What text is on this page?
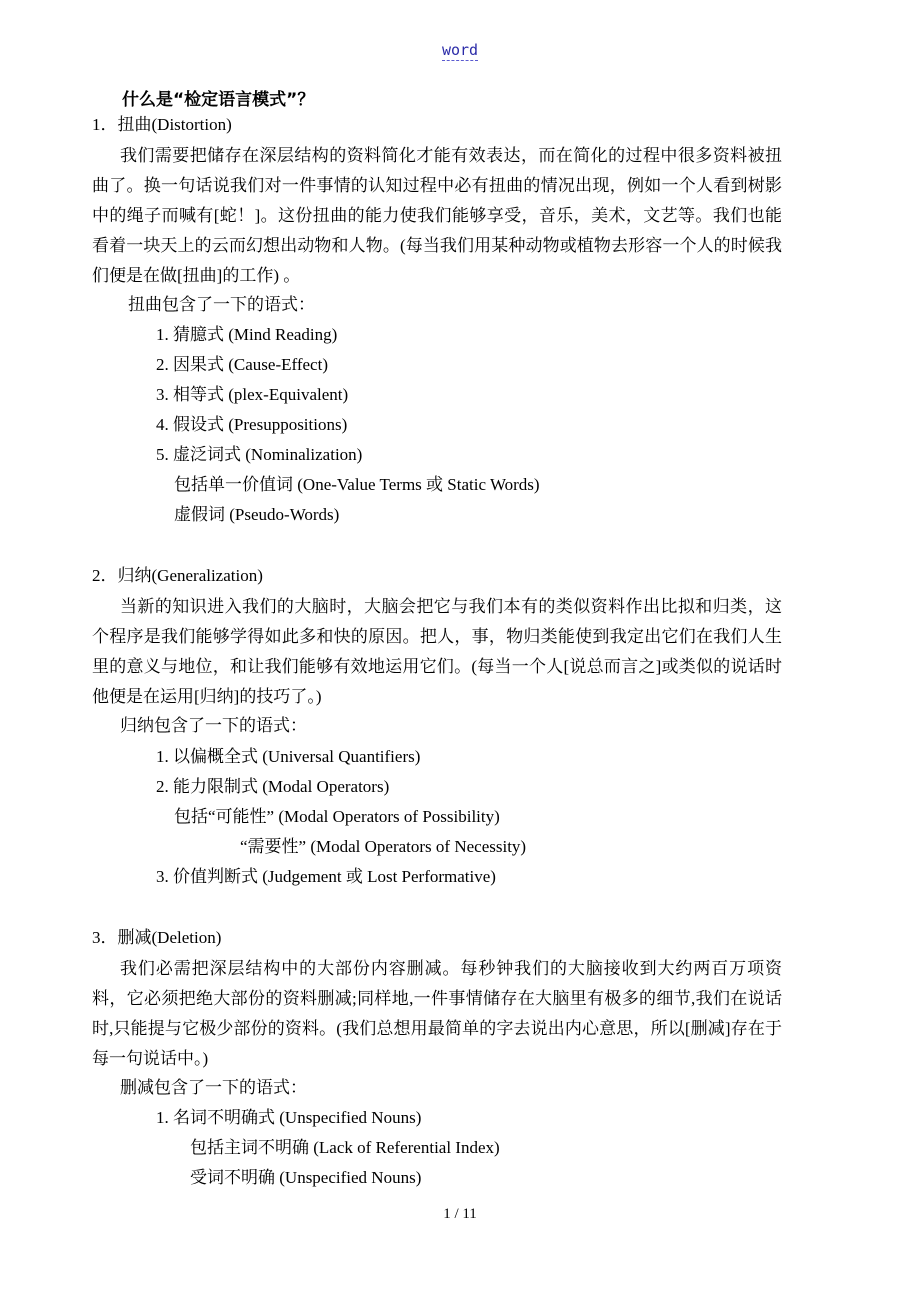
word
什么是“检定语言模式”？
1．扭曲(Distortion)
我们需要把储存在深层结构的资料简化才能有效表达，而在简化的过程中很多资料被扭曲了。换一句话说我们对一件事情的认知过程中必有扭曲的情况出现，例如一个人看到树影中的绳子而喊有[蛇！]。这份扭曲的能力使我们能够享受，音乐，美术，文艺等。我们也能看着一块天上的云而幻想出动物和人物。(每当我们用某种动物或植物去形容一个人的时候我们便是在做[扭曲]的工作) 。
扭曲包含了一下的语式：
1. 猜臆式 (Mind Reading)
2. 因果式 (Cause-Effect)
3. 相等式 (plex-Equivalent)
4. 假设式 (Presuppositions)
5. 虚泛词式 (Nominalization)
包括单一价值词 (One-Value Terms 或 Static Words)
虚假词 (Pseudo-Words)
2．归纳(Generalization)
当新的知识进入我们的大脑时，大脑会把它与我们本有的类似资料作出比拟和归类，这个程序是我们能够学得如此多和快的原因。把人，事，物归类能使到我定出它们在我们人生里的意义与地位，和让我们能够有效地运用它们。(每当一个人[说总而言之]或类似的说话时他便是在运用[归纳]的技巧了。)
归纳包含了一下的语式：
1. 以偏概全式 (Universal Quantifiers)
2. 能力限制式 (Modal Operators)
包括“可能性” (Modal Operators of Possibility)
“需要性” (Modal Operators of Necessity)
3. 价值判断式 (Judgement 或 Lost Performative)
3．删减(Deletion)
我们必需把深层结构中的大部份内容删减。每秒钟我们的大脑接收到大约两百万项资料，它必须把绝大部份的资料删减;同样地,一件事情储存在大脑里有极多的细节,我们在说话时,只能提与它极少部份的资料。(我们总想用最简单的字去说出内心意思，所以[删减]存在于每一句说话中。)
删减包含了一下的语式：
1. 名词不明确式 (Unspecified Nouns)
包括主词不明确 (Lack of Referential Index)
受词不明确 (Unspecified Nouns)
1 / 11
